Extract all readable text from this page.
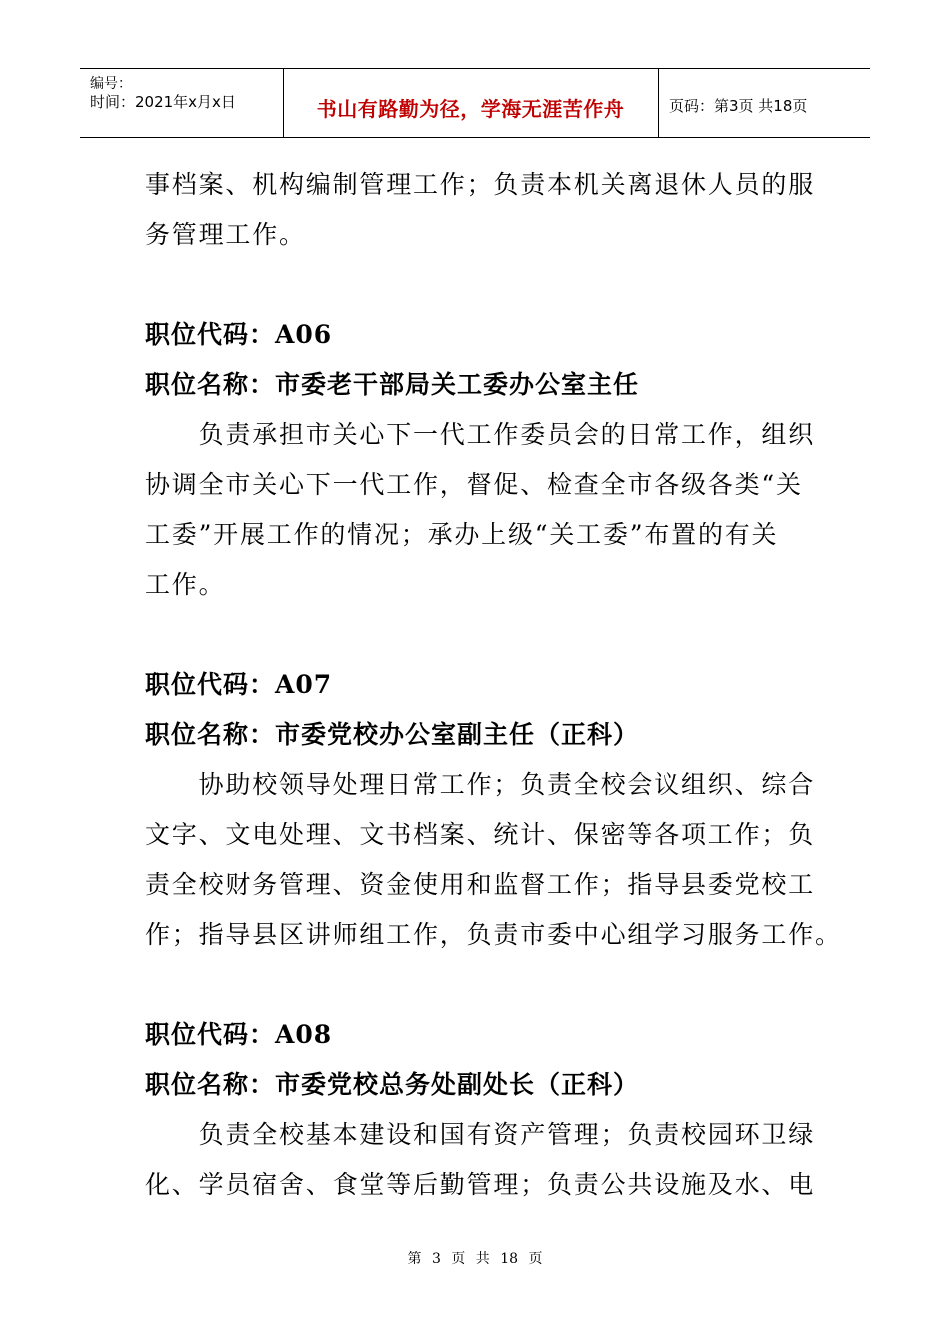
编号：
时间：2021年x月x日	书山有路勤为径，学海无涯苦作舟	页码：第3页 共18页
事档案、机构编制管理工作；负责本机关离退休人员的服
务管理工作。
职位代码：A06
职位名称：市委老干部局关工委办公室主任
　　负责承担市关心下一代工作委员会的日常工作，组织
协调全市关心下一代工作，督促、检查全市各级各类“关
工委”开展工作的情况；承办上级“关工委”布置的有关
工作。
职位代码：A07
职位名称：市委党校办公室副主任（正科）
　　协助校领导处理日常工作；负责全校会议组织、综合
文字、文电处理、文书档案、统计、保密等各项工作；负
责全校财务管理、资金使用和监督工作；指导县委党校工
作；指导县区讲师组工作，负责市委中心组学习服务工作。
职位代码：A08
职位名称：市委党校总务处副处长（正科）
　　负责全校基本建设和国有资产管理；负责校园环卫绿
化、学员宿舍、食堂等后勤管理；负责公共设施及水、电
第 3 页 共 18 页
